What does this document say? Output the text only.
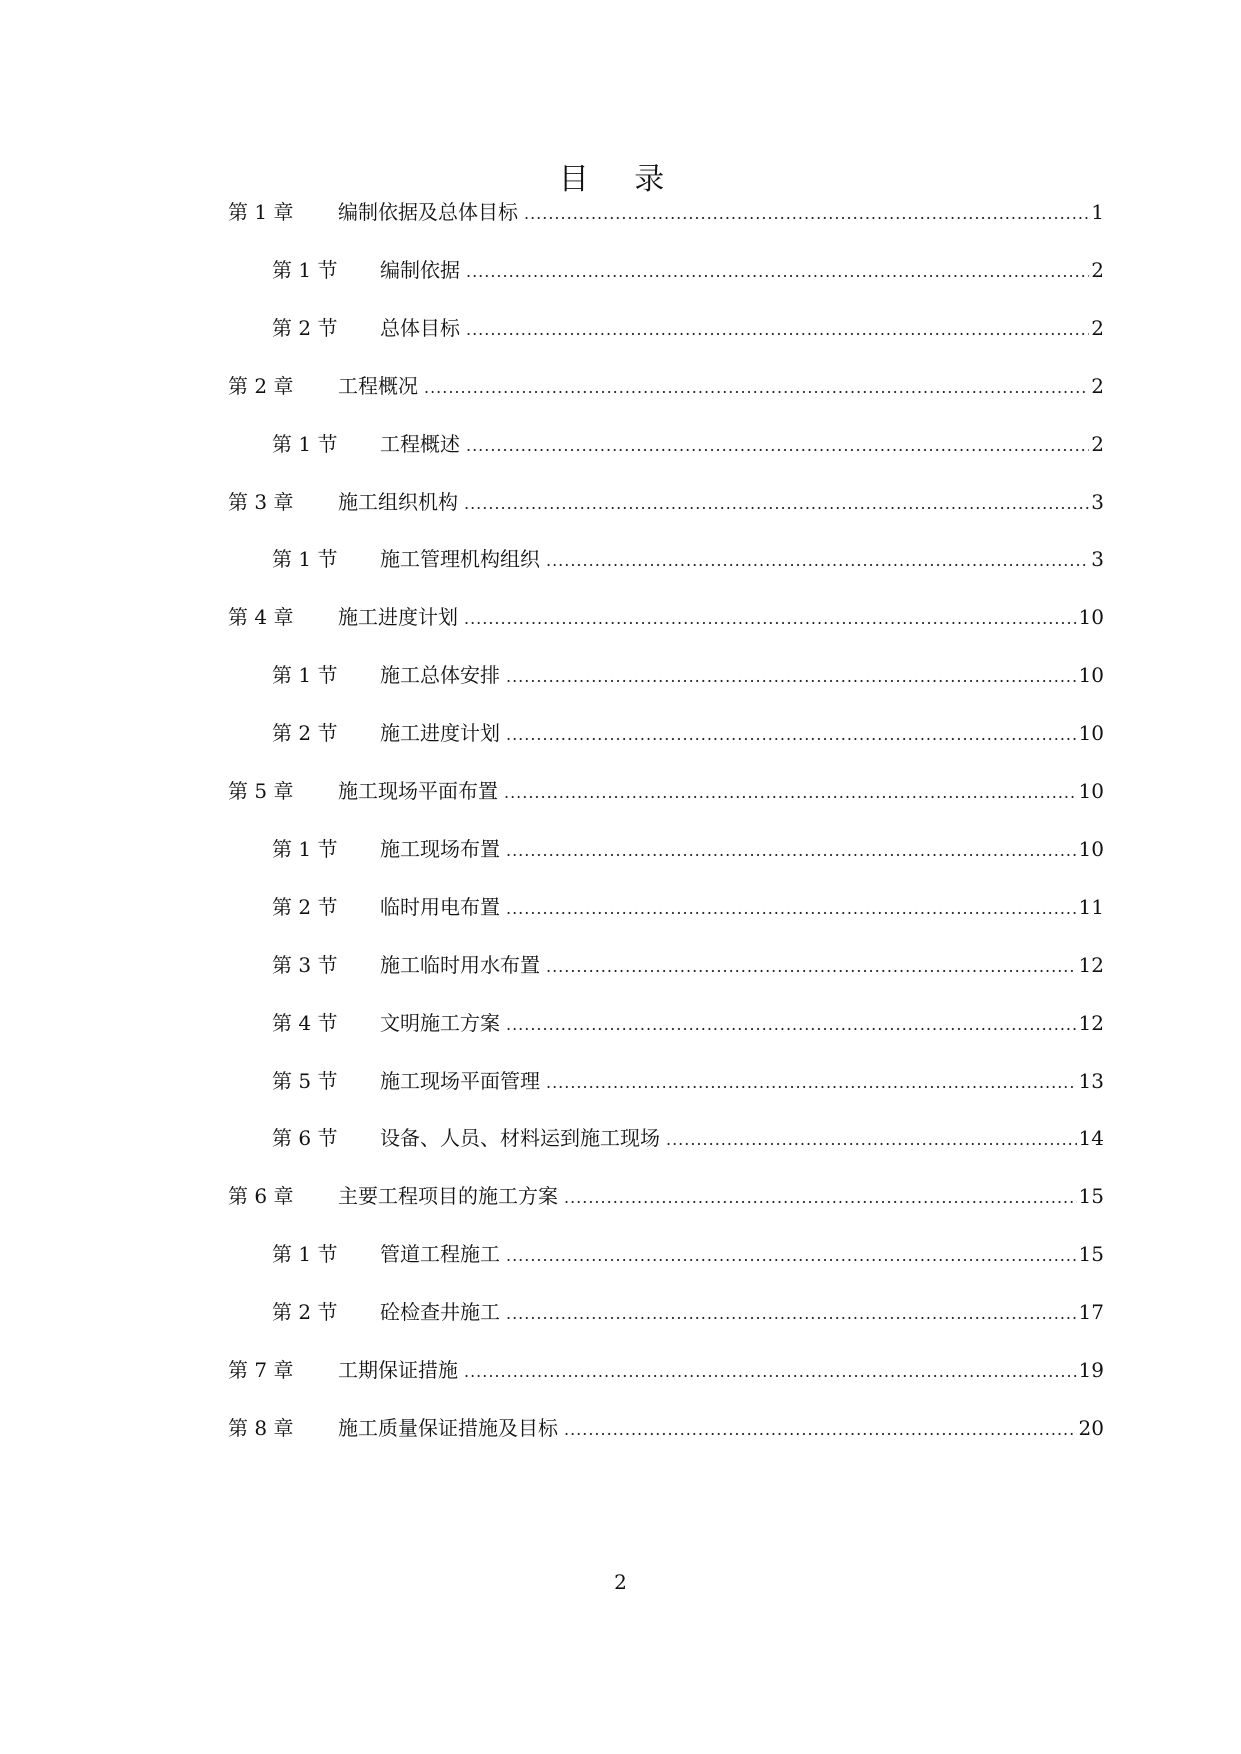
目 录
第 1 章	编制依据及总体目标 .....	1
第 1 节	编制依据 .....	2
第 2 节	总体目标 .....	2
第 2 章	工程概况 .....	2
第 1 节	工程概述 .....	2
第 3 章	施工组织机构 .....	3
第 1 节	施工管理机构组织 .....	3
第 4 章	施工进度计划 .....	10
第 1 节	施工总体安排 .....	10
第 2 节	施工进度计划 .....	10
第 5 章	施工现场平面布置 .....	10
第 1 节	施工现场布置 .....	10
第 2 节	临时用电布置 .....	11
第 3 节	施工临时用水布置 .....	12
第 4 节	文明施工方案 .....	12
第 5 节	施工现场平面管理 .....	13
第 6 节	设备、人员、材料运到施工现场 .....	14
第 6 章	主要工程项目的施工方案 .....	15
第 1 节	管道工程施工 .....	15
第 2 节	砼检查井施工 .....	17
第 7 章	工期保证措施 .....	19
第 8 章	施工质量保证措施及目标 .....	20
2
